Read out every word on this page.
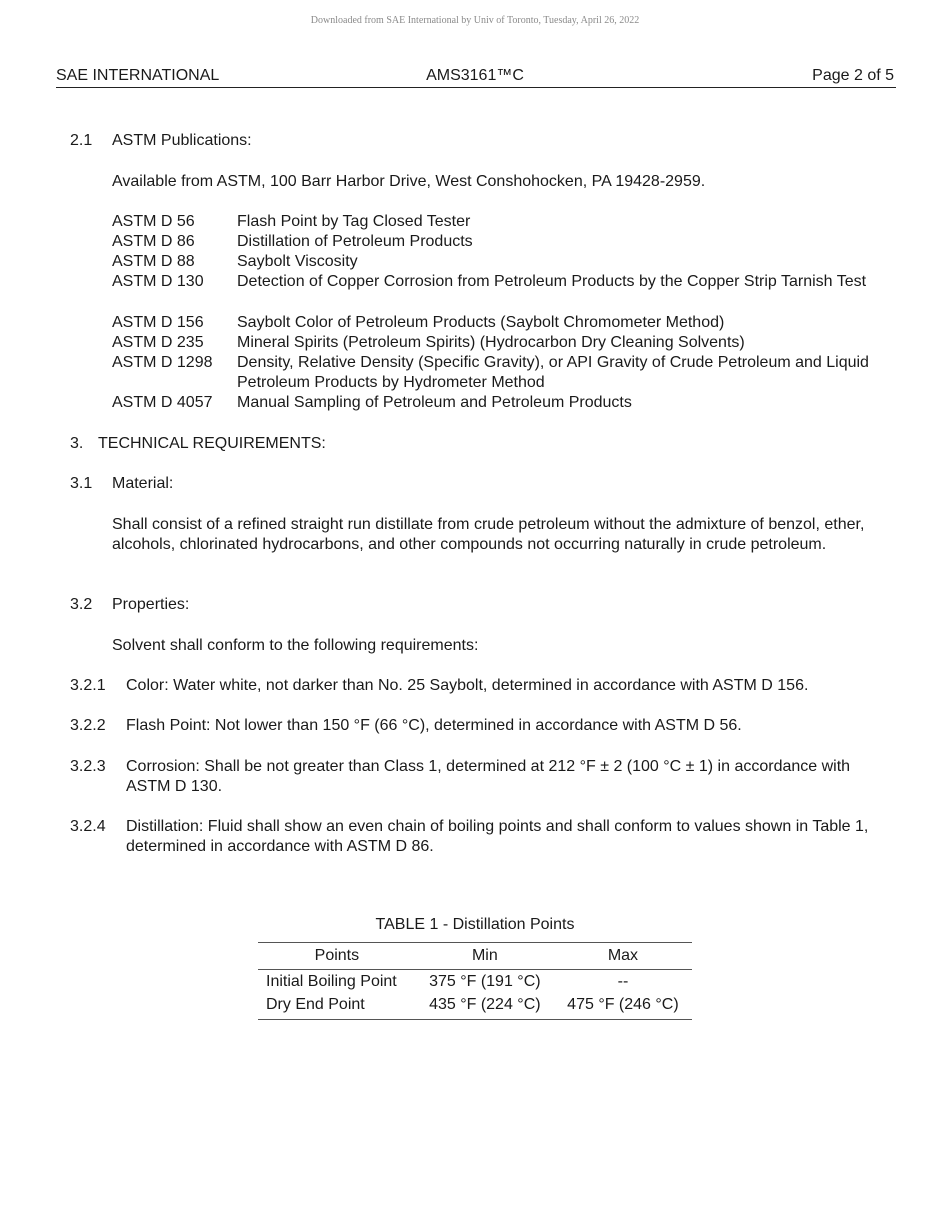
Downloaded from SAE International by Univ of Toronto, Tuesday, April 26, 2022
SAE INTERNATIONAL	AMS3161™C	Page 2 of 5
2.1 ASTM Publications:
Available from ASTM, 100 Barr Harbor Drive, West Conshohocken, PA 19428-2959.
ASTM D 56	Flash Point by Tag Closed Tester
ASTM D 86	Distillation of Petroleum Products
ASTM D 88	Saybolt Viscosity
ASTM D 130 Detection of Copper Corrosion from Petroleum Products by the Copper Strip Tarnish Test
ASTM D 156 Saybolt Color of Petroleum Products (Saybolt Chromometer Method)
ASTM D 235 Mineral Spirits (Petroleum Spirits) (Hydrocarbon Dry Cleaning Solvents)
ASTM D 1298 Density, Relative Density (Specific Gravity), or API Gravity of Crude Petroleum and Liquid Petroleum Products by Hydrometer Method
ASTM D 4057 Manual Sampling of Petroleum and Petroleum Products
3. TECHNICAL REQUIREMENTS:
3.1 Material:
Shall consist of a refined straight run distillate from crude petroleum without the admixture of benzol, ether, alcohols, chlorinated hydrocarbons, and other compounds not occurring naturally in crude petroleum.
3.2 Properties:
Solvent shall conform to the following requirements:
3.2.1 Color: Water white, not darker than No. 25 Saybolt, determined in accordance with ASTM D 156.
3.2.2 Flash Point: Not lower than 150 °F (66 °C), determined in accordance with ASTM D 56.
3.2.3 Corrosion: Shall be not greater than Class 1, determined at 212 °F ± 2 (100 °C ± 1) in accordance with ASTM D 130.
3.2.4 Distillation: Fluid shall show an even chain of boiling points and shall conform to values shown in Table 1, determined in accordance with ASTM D 86.
TABLE 1 - Distillation Points
Points	Min	Max
Initial Boiling Point	375 °F (191 °C)	--
Dry End Point	435 °F (224 °C)	475 °F (246 °C)
